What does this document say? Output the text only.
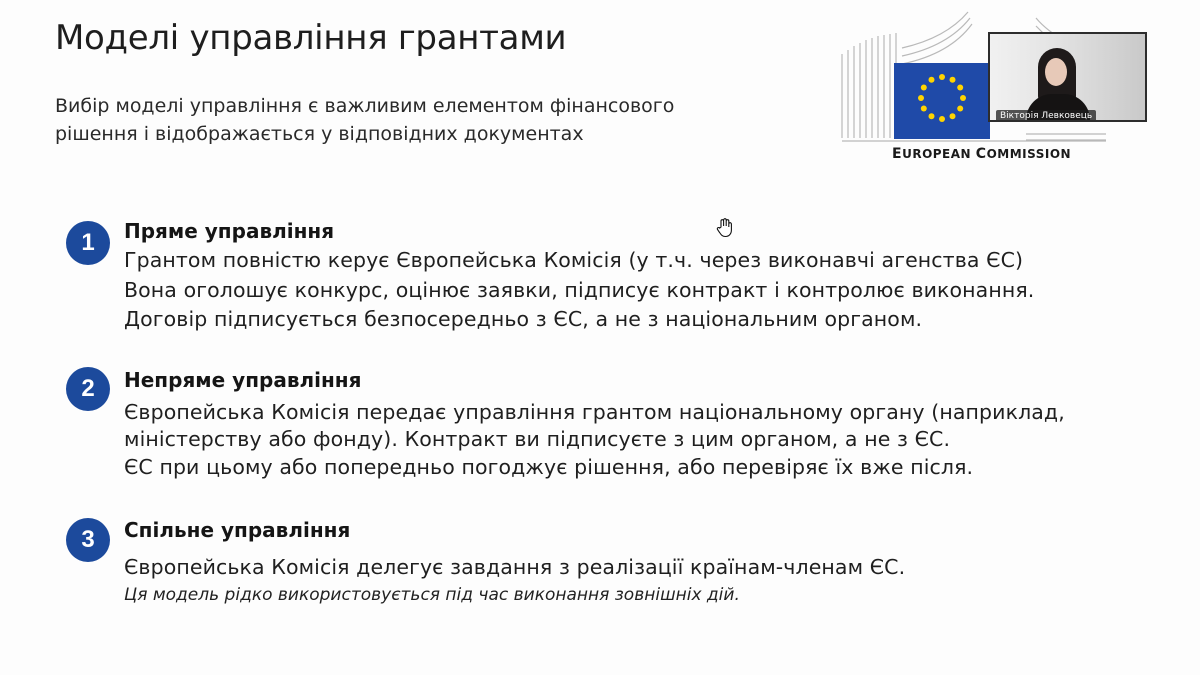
Моделі управління грантами
Вибір моделі управління є важливим елементом фінансового
рішення і відображається у відповідних документах
EUROPEAN COMMISSION
Вікторія Левковець
1	Пряме управління
Грантом повністю керує Європейська Комісія (у т.ч. через виконавчі агенства ЄС)
Вона оголошує конкурс, оцінює заявки, підписує контракт і контролює виконання.
Договір підписується безпосередньо з ЄС, а не з національним органом.
2	Непряме управління
Європейська Комісія передає управління грантом національному органу (наприклад,
міністерству або фонду). Контракт ви підписуєте з цим органом, а не з ЄС.
ЄС при цьому або попередньо погоджує рішення, або перевіряє їх вже після.
3	Спільне управління
Європейська Комісія делегує завдання з реалізації країнам-членам ЄС.
Ця модель рідко використовується під час виконання зовнішніх дій.
